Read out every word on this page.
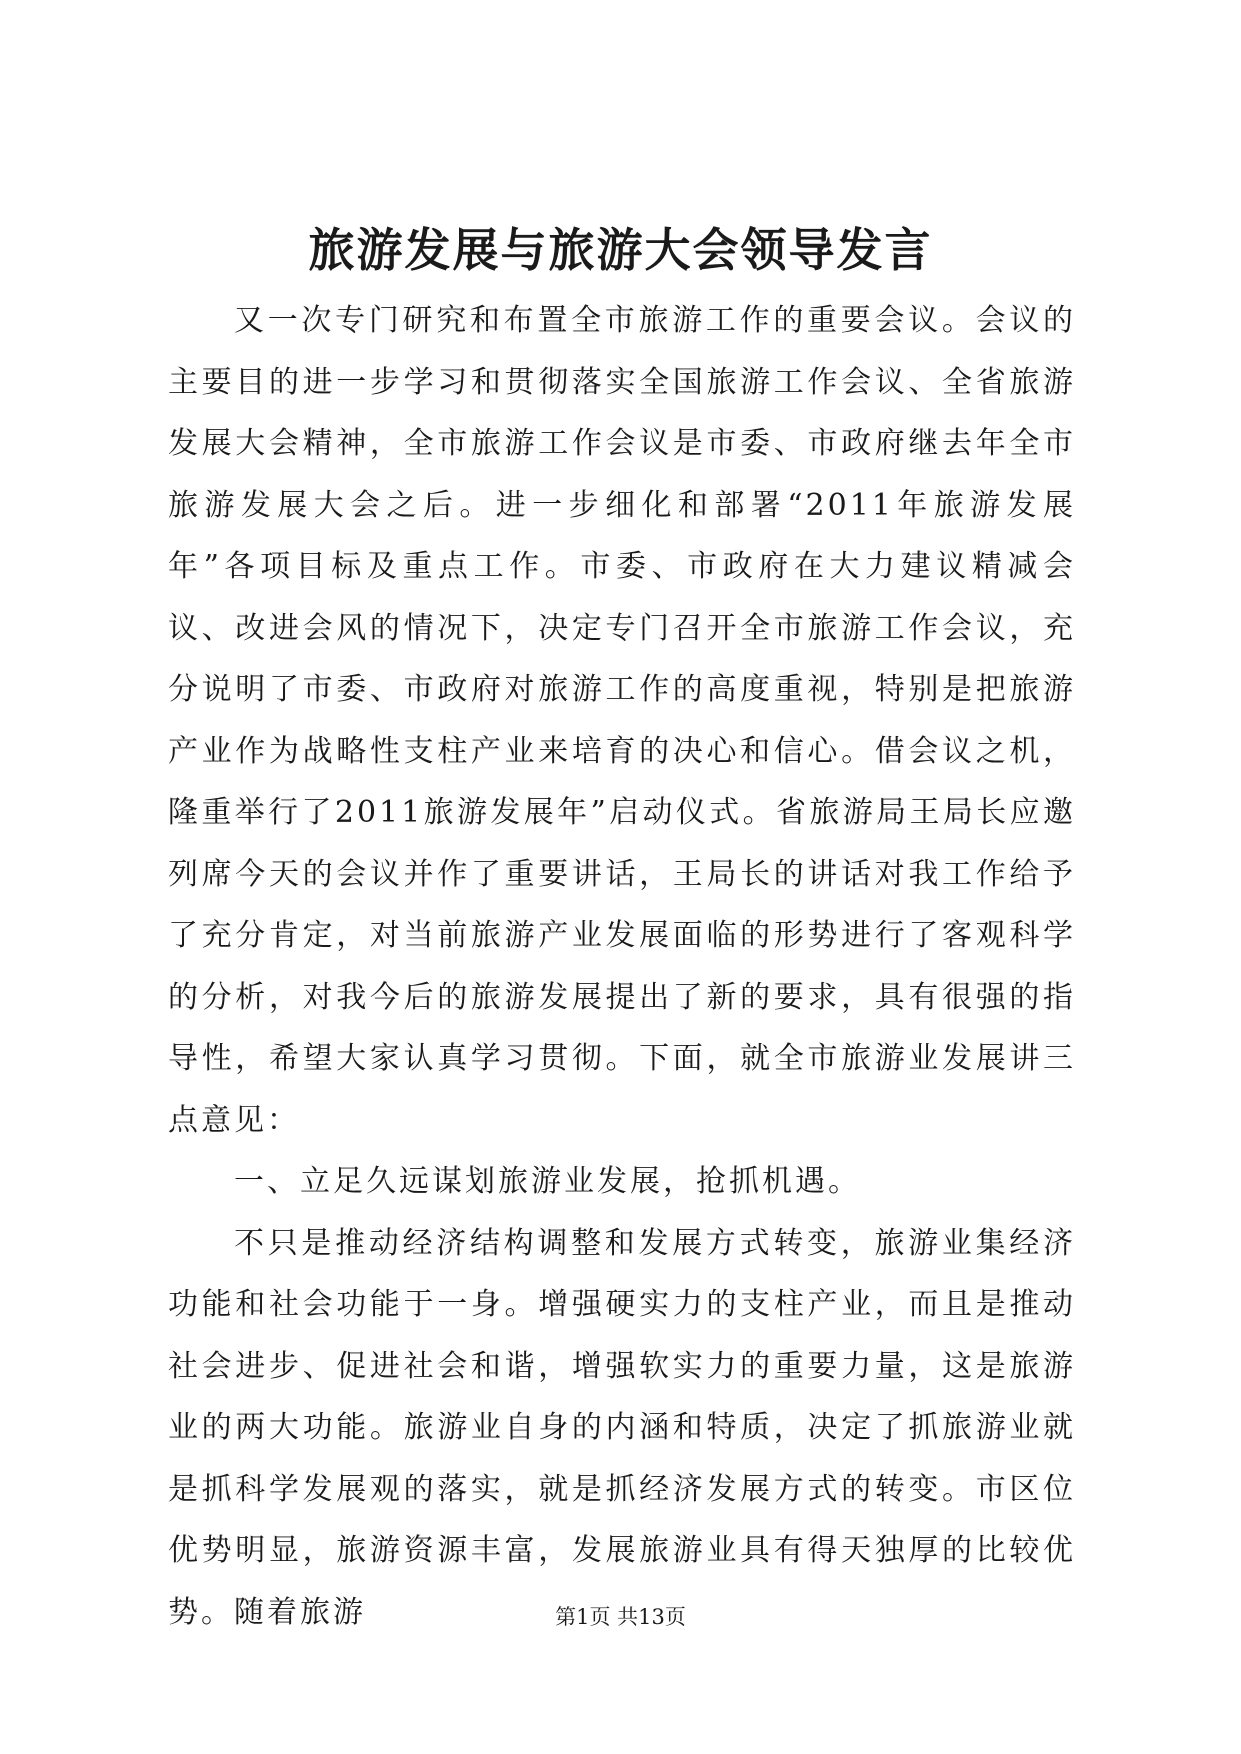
旅游发展与旅游大会领导发言

又一次专门研究和布置全市旅游工作的重要会议。会议的主要目的进一步学习和贯彻落实全国旅游工作会议、全省旅游发展大会精神，全市旅游工作会议是市委、市政府继去年全市旅游发展大会之后。进一步细化和部署“2011年旅游发展年”各项目标及重点工作。市委、市政府在大力建议精减会议、改进会风的情况下，决定专门召开全市旅游工作会议，充分说明了市委、市政府对旅游工作的高度重视，特别是把旅游产业作为战略性支柱产业来培育的决心和信心。借会议之机，隆重举行了2011旅游发展年”启动仪式。省旅游局王局长应邀列席今天的会议并作了重要讲话，王局长的讲话对我工作给予了充分肯定，对当前旅游产业发展面临的形势进行了客观科学的分析，对我今后的旅游发展提出了新的要求，具有很强的指导性，希望大家认真学习贯彻。下面，就全市旅游业发展讲三点意见：

一、立足久远谋划旅游业发展，抢抓机遇。

不只是推动经济结构调整和发展方式转变，旅游业集经济功能和社会功能于一身。增强硬实力的支柱产业，而且是推动社会进步、促进社会和谐，增强软实力的重要力量，这是旅游业的两大功能。旅游业自身的内涵和特质，决定了抓旅游业就是抓科学发展观的落实，就是抓经济发展方式的转变。市区位优势明显，旅游资源丰富，发展旅游业具有得天独厚的比较优势。随着旅游	第1页 共13页
